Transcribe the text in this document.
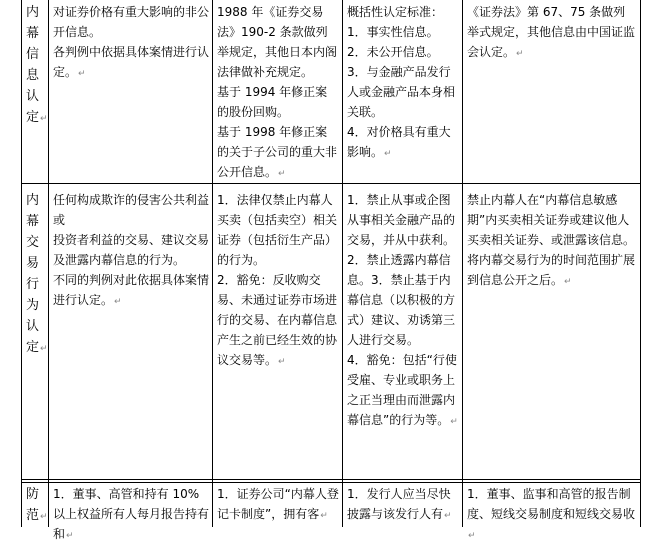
内
幕
信
息
认
定↵
对证券价格有重大影响的非公开信息。
各判例中依据具体案情进行认定。↵
1988 年《证券交易法》190-2 条款做列举规定，其他日本内阁法律做补充规定。
基于 1994 年修正案的股份回购。
基于 1998 年修正案的关于子公司的重大非公开信息。↵
概括性认定标准：
1．事实性信息。
2．未公开信息。
3．与金融产品发行人或金融产品本身相关联。
4．对价格具有重大影响。↵
《证券法》第 67、75 条做列举式规定，其他信息由中国证监会认定。↵
内
幕
交
易
行
为
认
定↵
任何构成欺诈的侵害公共利益或
投资者利益的交易、建议交易及泄露内幕信息的行为。
不同的判例对此依据具体案情进行认定。↵
1．法律仅禁止内幕人买卖（包括卖空）相关证券（包括衍生产品）的行为。
2．豁免：反收购交易、未通过证券市场进行的交易、在内幕信息产生之前已经生效的协议交易等。↵
1．禁止从事或企图从事相关金融产品的交易，并从中获利。
2．禁止透露内幕信息。3．禁止基于内幕信息（以积极的方式）建议、劝诱第三人进行交易。
4．豁免：包括“行使受雇、专业或职务上之正当理由而泄露内幕信息”的行为等。↵
禁止内幕人在“内幕信息敏感期”内买卖相关证券或建议他人买卖相关证券、或泄露该信息。
将内幕交易行为的时间范围扩展到信息公开之后。↵
防
范↵
1．董事、高管和持有 10%以上权益所有人每月报告持有和↵
1．证券公司“内幕人登记卡制度”，拥有客↵
1．发行人应当尽快披露与该发行人有↵
1．董事、监事和高管的报告制度、短线交易制度和短线交易收↵
